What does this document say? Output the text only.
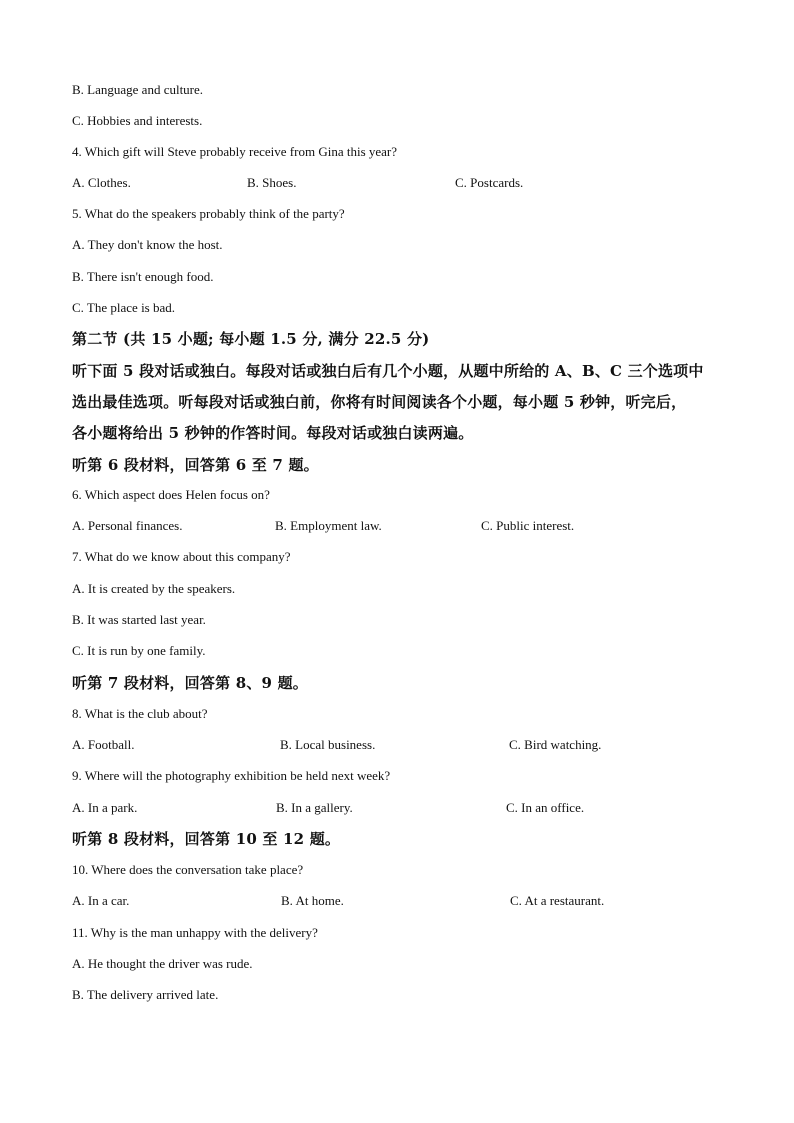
B. Language and culture.
C. Hobbies and interests.
4. Which gift will Steve probably receive from Gina this year?
A. Clothes.	B. Shoes.	C. Postcards.
5. What do the speakers probably think of the party?
A. They don't know the host.
B. There isn't enough food.
C. The place is bad.
第二节 (共 15 小题; 每小题 1.5 分, 满分 22.5 分)
听下面 5 段对话或独白。每段对话或独白后有几个小题，从题中所给的 A、B、C 三个选项中
选出最佳选项。听每段对话或独白前，你将有时间阅读各个小题，每小题 5 秒钟，听完后，
各小题将给出 5 秒钟的作答时间。每段对话或独白读两遍。
听第 6 段材料，回答第 6 至 7 题。
6. Which aspect does Helen focus on?
A. Personal finances.	B. Employment law.	C. Public interest.
7. What do we know about this company?
A. It is created by the speakers.
B. It was started last year.
C. It is run by one family.
听第 7 段材料，回答第 8、9 题。
8. What is the club about?
A. Football.	B. Local business.	C. Bird watching.
9. Where will the photography exhibition be held next week?
A. In a park.	B. In a gallery.	C. In an office.
听第 8 段材料，回答第 10 至 12 题。
10. Where does the conversation take place?
A. In a car.	B. At home.	C. At a restaurant.
11. Why is the man unhappy with the delivery?
A. He thought the driver was rude.
B. The delivery arrived late.
